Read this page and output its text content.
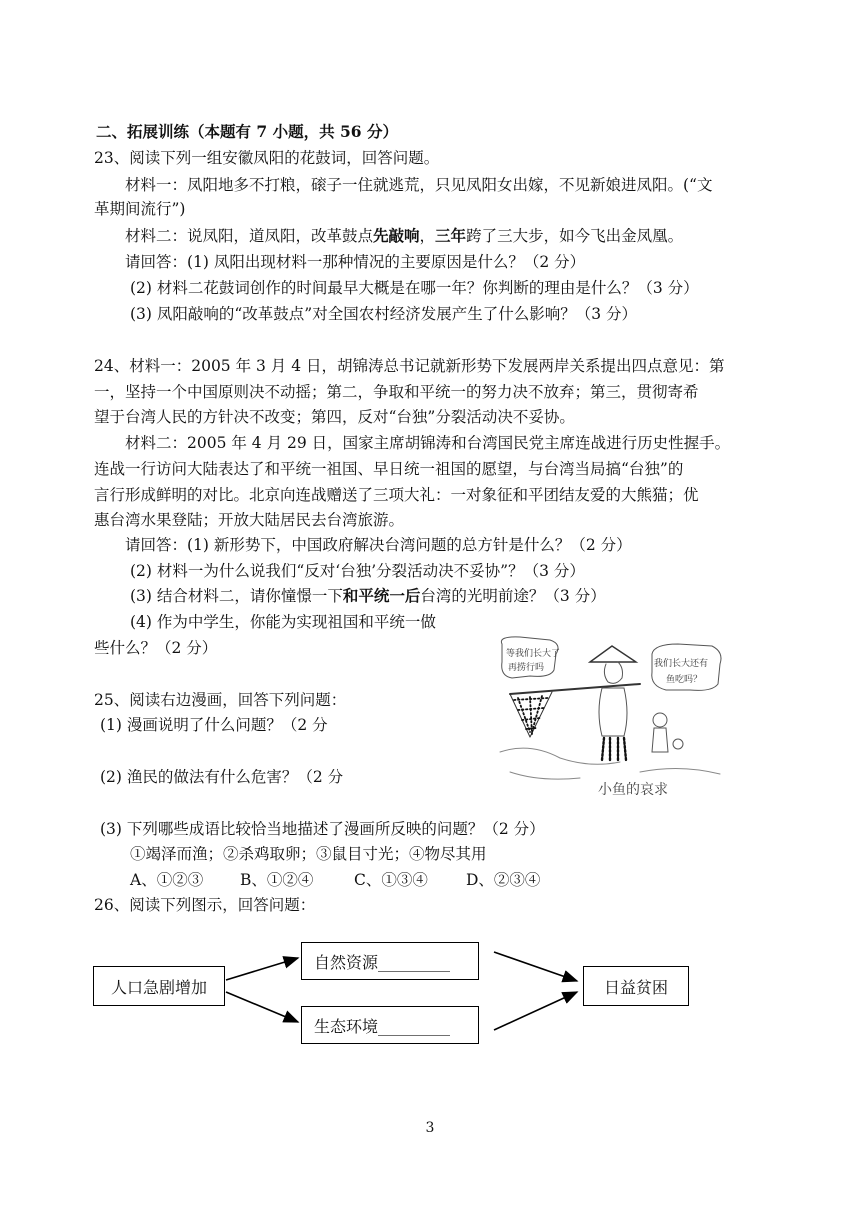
二、拓展训练（本题有 7 小题，共 56 分）
23、阅读下列一组安徽凤阳的花鼓词，回答问题。
材料一：凤阳地多不打粮，磙子一住就逃荒，只见凤阳女出嫁，不见新娘进凤阳。(“文
革期间流行”)
材料二：说凤阳，道凤阳，改革鼓点先敲响，三年跨了三大步，如今飞出金凤凰。
请回答：(1) 凤阳出现材料一那种情况的主要原因是什么？（2 分）
(2) 材料二花鼓词创作的时间最早大概是在哪一年？你判断的理由是什么？（3 分）
(3) 凤阳敲响的“改革鼓点”对全国农村经济发展产生了什么影响？（3 分）
24、材料一：2005 年 3 月 4 日，胡锦涛总书记就新形势下发展两岸关系提出四点意见：第
一，坚持一个中国原则决不动摇；第二，争取和平统一的努力决不放弃；第三，贯彻寄希
望于台湾人民的方针决不改变；第四，反对“台独”分裂活动决不妥协。
材料二：2005 年 4 月 29 日，国家主席胡锦涛和台湾国民党主席连战进行历史性握手。
连战一行访问大陆表达了和平统一祖国、早日统一祖国的愿望，与台湾当局搞“台独”的
言行形成鲜明的对比。北京向连战赠送了三项大礼：一对象征和平团结友爱的大熊猫；优
惠台湾水果登陆；开放大陆居民去台湾旅游。
请回答：(1) 新形势下，中国政府解决台湾问题的总方针是什么？（2 分）
(2) 材料一为什么说我们“反对‘台独’分裂活动决不妥协”？（3 分）
(3) 结合材料二，请你憧憬一下和平统一后台湾的光明前途？（3 分）
(4) 作为中学生，你能为实现祖国和平统一做
些什么？（2 分）
25、阅读右边漫画，回答下列问题：
(1) 漫画说明了什么问题？（2 分
(2) 渔民的做法有什么危害？（2 分
(3) 下列哪些成语比较恰当地描述了漫画所反映的问题？（2 分）
①竭泽而渔；②杀鸡取卵；③鼠目寸光；④物尽其用
A、①②③ B、①②④	C、①③④ D、②③④
等我们长大了
再捞行吗	我们长大还有
鱼吃吗？
小鱼的哀求
26、阅读下列图示，回答问题：
人口急剧增加
自然资源_________
生态环境_________
日益贫困
3
